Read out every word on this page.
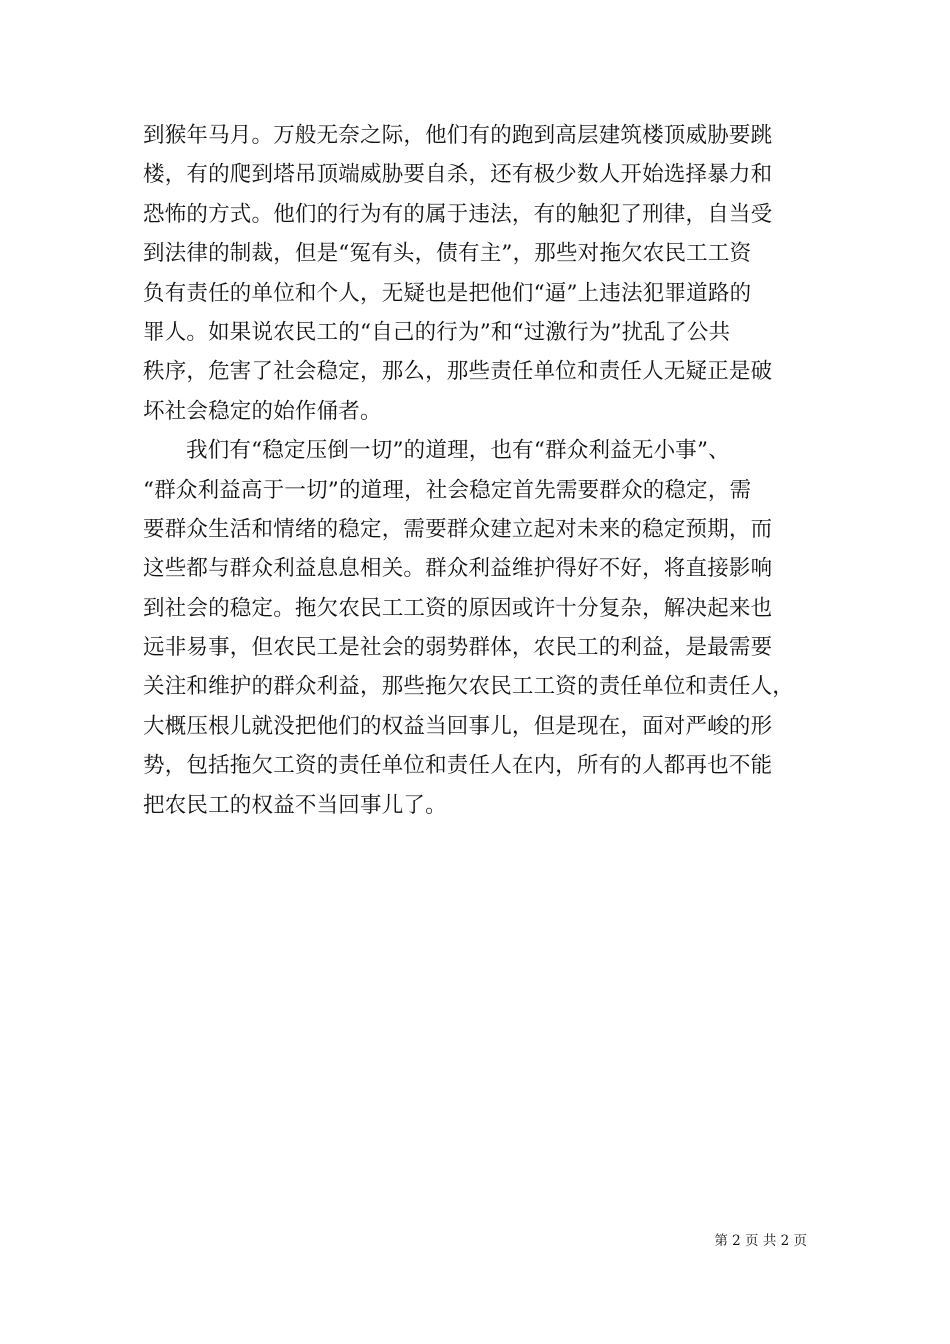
到猴年马月。万般无奈之际，他们有的跑到高层建筑楼顶威胁要跳
楼，有的爬到塔吊顶端威胁要自杀，还有极少数人开始选择暴力和
恐怖的方式。他们的行为有的属于违法，有的触犯了刑律，自当受
到法律的制裁，但是“冤有头，债有主”，那些对拖欠农民工工资
负有责任的单位和个人，无疑也是把他们“逼”上违法犯罪道路的
罪人。如果说农民工的“自己的行为”和“过激行为”扰乱了公共
秩序，危害了社会稳定，那么，那些责任单位和责任人无疑正是破
坏社会稳定的始作俑者。
我们有“稳定压倒一切”的道理，也有“群众利益无小事”、
“群众利益高于一切”的道理，社会稳定首先需要群众的稳定，需
要群众生活和情绪的稳定，需要群众建立起对未来的稳定预期，而
这些都与群众利益息息相关。群众利益维护得好不好，将直接影响
到社会的稳定。拖欠农民工工资的原因或许十分复杂，解决起来也
远非易事，但农民工是社会的弱势群体，农民工的利益，是最需要
关注和维护的群众利益，那些拖欠农民工工资的责任单位和责任人，
大概压根儿就没把他们的权益当回事儿，但是现在，面对严峻的形
势，包括拖欠工资的责任单位和责任人在内，所有的人都再也不能
把农民工的权益不当回事儿了。
第 2 页 共 2 页
